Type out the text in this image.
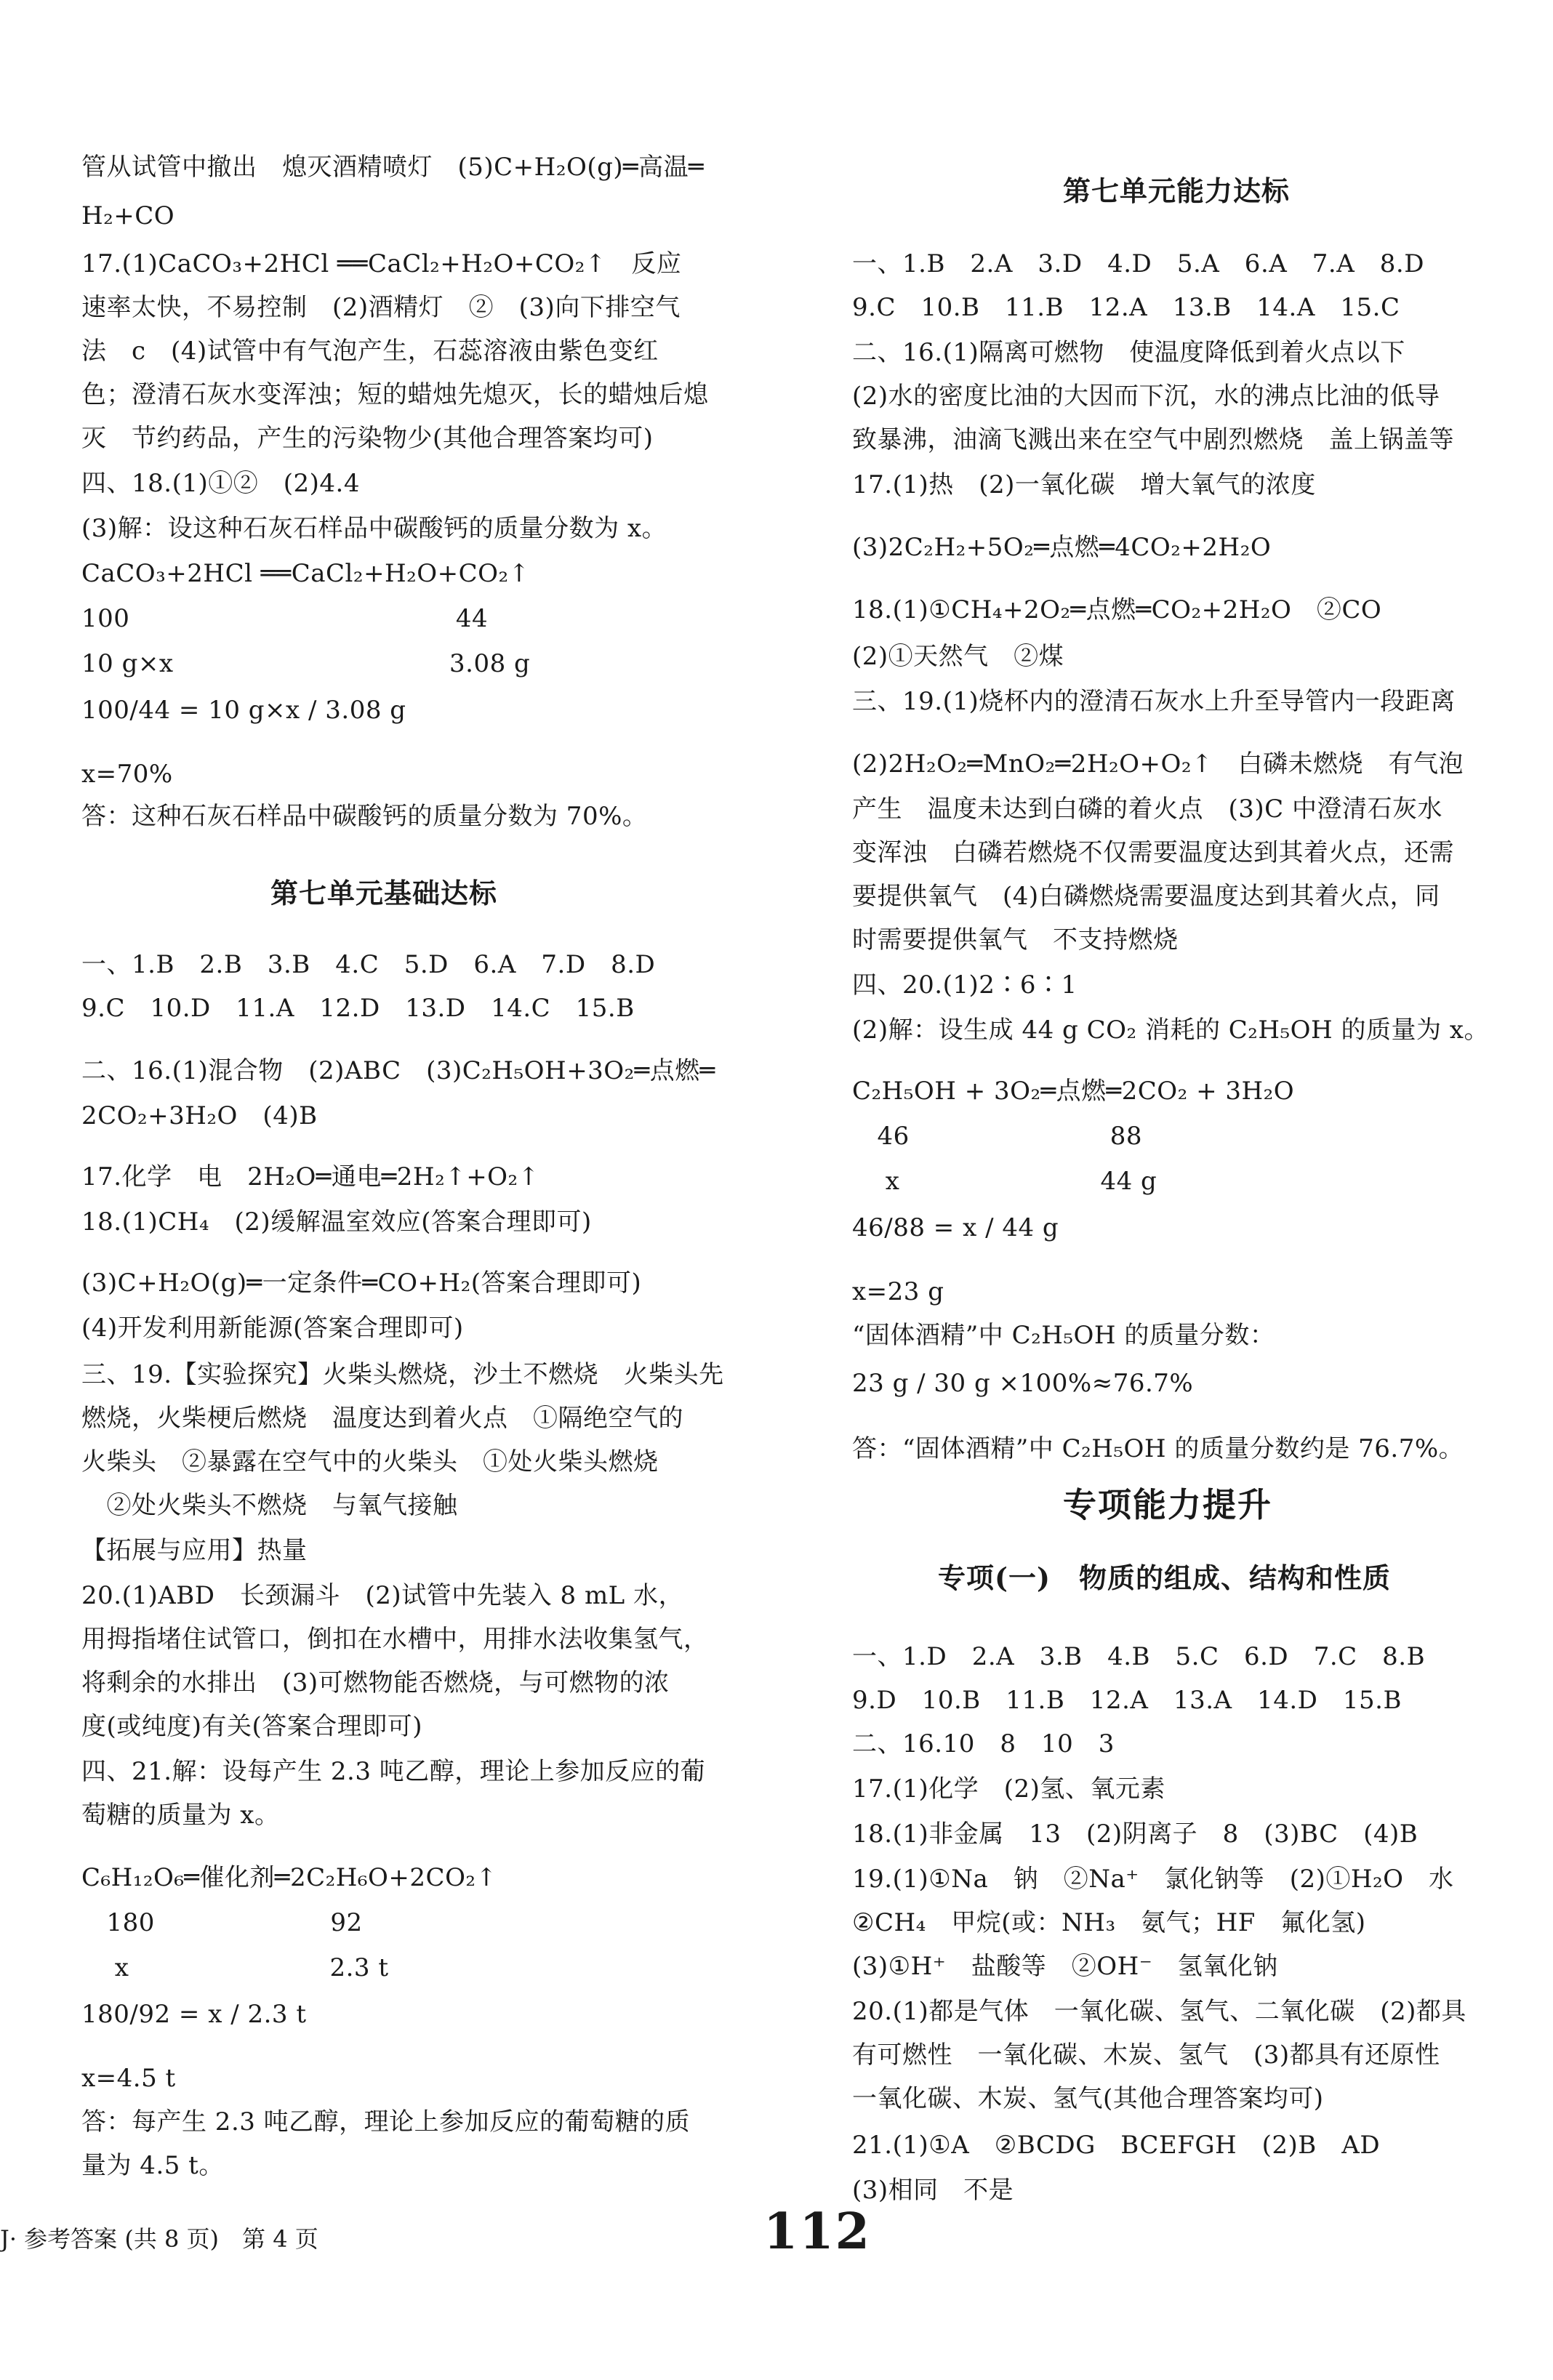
第七单元基础达标
管从试管中撤出　熄灭酒精喷灯　(5)C+H₂O(g)═高温═
H₂+CO
17.(1)CaCO₃+2HCl ══CaCl₂+H₂O+CO₂↑　反应
速率太快，不易控制　(2)酒精灯　②　(3)向下排空气
法　c　(4)试管中有气泡产生，石蕊溶液由紫色变红
色；澄清石灰水变浑浊；短的蜡烛先熄灭，长的蜡烛后熄
灭　节约药品，产生的污染物少(其他合理答案均可)
四、18.(1)①②　(2)4.4
(3)解：设这种石灰石样品中碳酸钙的质量分数为 x。
CaCO₃+2HCl ══CaCl₂+H₂O+CO₂↑
100　　　　　　　　　　　　　44
10 g×x　　　　　　　　　　　3.08 g
100/44 = 10 g×x / 3.08 g
x=70%
答：这种石灰石样品中碳酸钙的质量分数为 70%。
一、1.B　2.B　3.B　4.C　5.D　6.A　7.D　8.D
9.C　10.D　11.A　12.D　13.D　14.C　15.B
二、16.(1)混合物　(2)ABC　(3)C₂H₅OH+3O₂═点燃═
2CO₂+3H₂O　(4)B
17.化学　电　2H₂O═通电═2H₂↑+O₂↑
18.(1)CH₄　(2)缓解温室效应(答案合理即可)
(3)C+H₂O(g)═一定条件═CO+H₂(答案合理即可)
(4)开发利用新能源(答案合理即可)
三、19.【实验探究】火柴头燃烧，沙土不燃烧　火柴头先
燃烧，火柴梗后燃烧　温度达到着火点　①隔绝空气的
火柴头　②暴露在空气中的火柴头　①处火柴头燃烧
　②处火柴头不燃烧　与氧气接触
【拓展与应用】热量
20.(1)ABD　长颈漏斗　(2)试管中先装入 8 mL 水，
用拇指堵住试管口，倒扣在水槽中，用排水法收集氢气，
将剩余的水排出　(3)可燃物能否燃烧，与可燃物的浓
度(或纯度)有关(答案合理即可)
四、21.解：设每产生 2.3 吨乙醇，理论上参加反应的葡
萄糖的质量为 x。
C₆H₁₂O₆═催化剂═2C₂H₆O+2CO₂↑
　180　　　　　　　92
　 x　　　　　　　　2.3 t
180/92 = x / 2.3 t
x=4.5 t
答：每产生 2.3 吨乙醇，理论上参加反应的葡萄糖的质
量为 4.5 t。
第七单元能力达标
专项能力提升
专项(一)　物质的组成、结构和性质
一、1.B　2.A　3.D　4.D　5.A　6.A　7.A　8.D
9.C　10.B　11.B　12.A　13.B　14.A　15.C
二、16.(1)隔离可燃物　使温度降低到着火点以下
(2)水的密度比油的大因而下沉，水的沸点比油的低导
致暴沸，油滴飞溅出来在空气中剧烈燃烧　盖上锅盖等
17.(1)热　(2)一氧化碳　增大氧气的浓度
(3)2C₂H₂+5O₂═点燃═4CO₂+2H₂O
18.(1)①CH₄+2O₂═点燃═CO₂+2H₂O　②CO
(2)①天然气　②煤
三、19.(1)烧杯内的澄清石灰水上升至导管内一段距离
(2)2H₂O₂═MnO₂═2H₂O+O₂↑　白磷未燃烧　有气泡
产生　温度未达到白磷的着火点　(3)C 中澄清石灰水
变浑浊　白磷若燃烧不仅需要温度达到其着火点，还需
要提供氧气　(4)白磷燃烧需要温度达到其着火点，同
时需要提供氧气　不支持燃烧
四、20.(1)2∶6∶1
(2)解：设生成 44 g CO₂ 消耗的 C₂H₅OH 的质量为 x。
C₂H₅OH + 3O₂═点燃═2CO₂ + 3H₂O
　46　　　　　　　　88
　 x　　　　　　　　44 g
46/88 = x / 44 g
x=23 g
“固体酒精”中 C₂H₅OH 的质量分数：
23 g / 30 g ×100%≈76.7%
答：“固体酒精”中 C₂H₅OH 的质量分数约是 76.7%。
一、1.D　2.A　3.B　4.B　5.C　6.D　7.C　8.B
9.D　10.B　11.B　12.A　13.A　14.D　15.B
二、16.10　8　10　3
17.(1)化学　(2)氢、氧元素
18.(1)非金属　13　(2)阴离子　8　(3)BC　(4)B
19.(1)①Na　钠　②Na⁺　氯化钠等　(2)①H₂O　水
②CH₄　甲烷(或：NH₃　氨气；HF　氟化氢)
(3)①H⁺　盐酸等　②OH⁻　氢氧化钠
20.(1)都是气体　一氧化碳、氢气、二氧化碳　(2)都具
有可燃性　一氧化碳、木炭、氢气　(3)都具有还原性
一氧化碳、木炭、氢气(其他合理答案均可)
21.(1)①A　②BCDG　BCEFGH　(2)B　AD
(3)相同　不是
J· 参考答案 (共 8 页)　第 4 页	112
